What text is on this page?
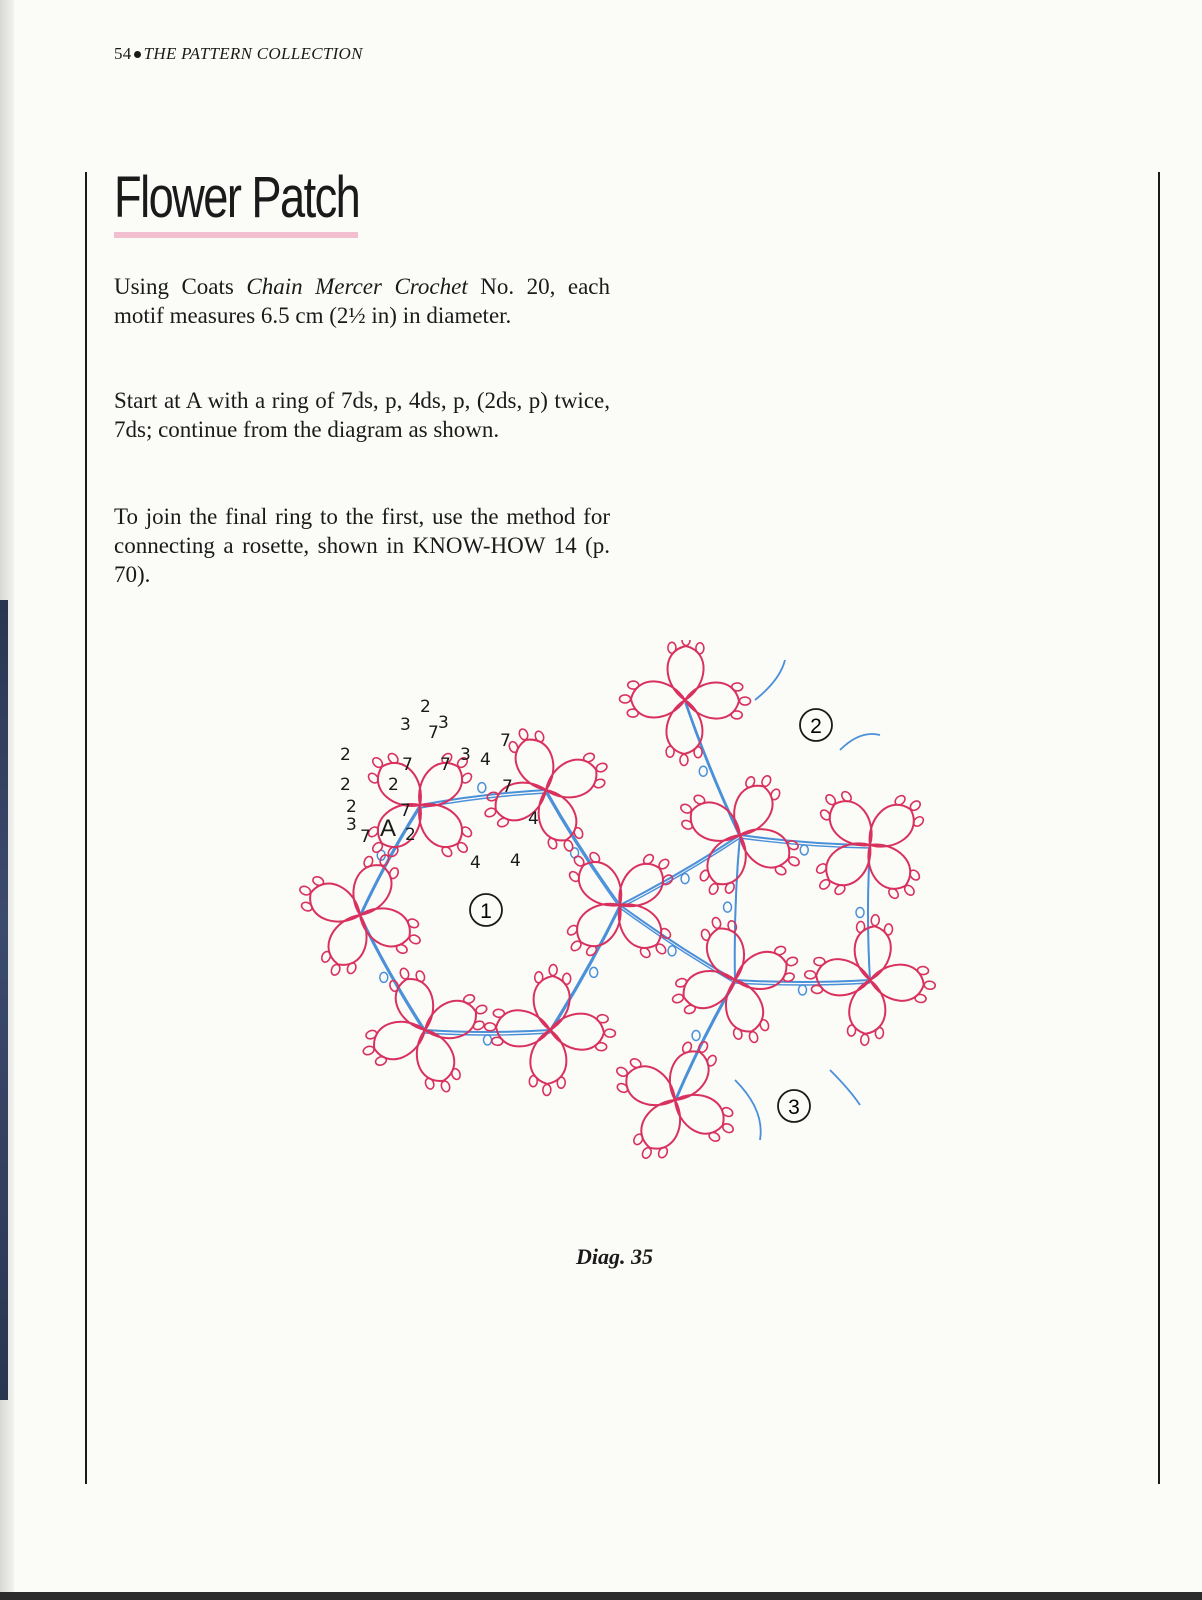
54 THE PATTERN COLLECTION
Flower Patch

Using Coats Chain Mercer Crochet No. 20, each motif measures 6.5 cm (2½ in) in diameter.

Start at A with a ring of 7ds, p, 4ds, p, (2ds, p) twice, 7ds; continue from the diagram as shown.

To join the final ring to the first, use the method for connecting a rosette, shown in KNOW-HOW 14 (p. 70).

2
3 3
7 7
2
2
4
2
3
3
7
7
2
2
7
7
7
4
4 4
1
2
3
A

Diag. 35
